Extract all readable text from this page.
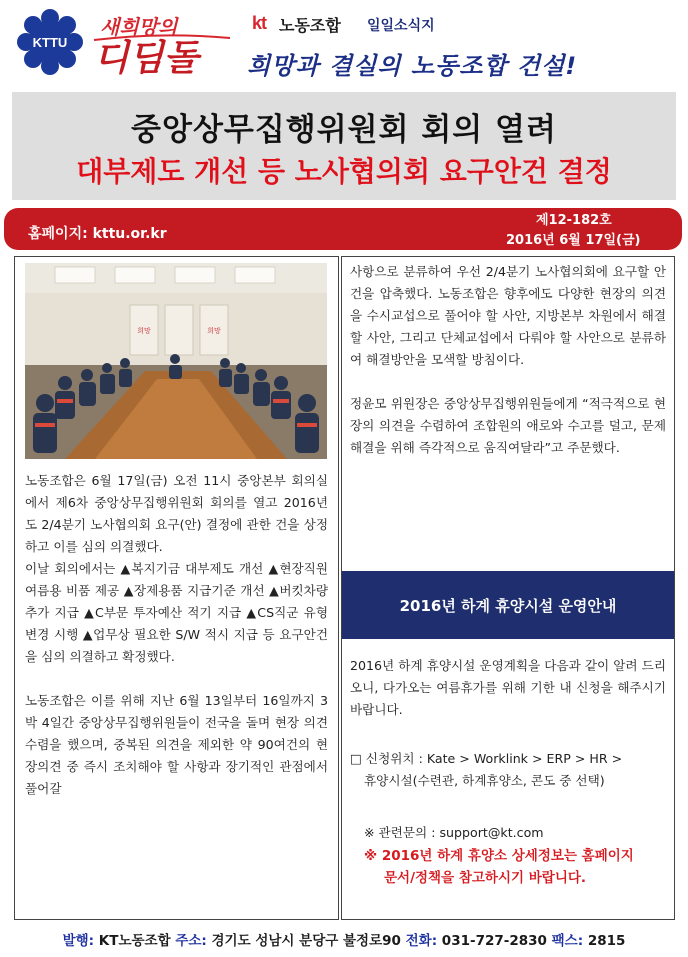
KTTU
새희망의
디딤돌
kt 노동조합 일일소식지
희망과 결실의 노동조합 건설!
중앙상무집행위원회 회의 열려
대부제도 개선 등 노사협의회 요구안건 결정
홈페이지: kttu.or.kr
제12-182호
2016년 6월 17일(금)
희망	희망

노동조합은 6월 17일(금) 오전 11시 중앙본부 회의실에서 제6차 중앙상무집행위원회 회의를 열고 2016년도 2/4분기 노사협의회 요구(안) 결정에 관한 건을 상정하고 이를 심의 의결했다.

이날 회의에서는 ▲복지기금 대부제도 개선 ▲현장직원 여름용 비품 제공 ▲장제용품 지급기준 개선 ▲버킷차량 추가 지급 ▲C부문 투자예산 적기 지급 ▲CS직군 유형변경 시행 ▲업무상 필요한 S/W 적시 지급 등 요구안건을 심의 의결하고 확정했다.

노동조합은 이를 위해 지난 6월 13일부터 16일까지 3박 4일간 중앙상무집행위원들이 전국을 돌며 현장 의견수렴을 했으며, 중복된 의견을 제외한 약 90여건의 현장의견 중 즉시 조치해야 할 사항과 장기적인 관점에서 풀어갈

사항으로 분류하여 우선 2/4분기 노사협의회에 요구할 안건을 압축했다. 노동조합은 향후에도 다양한 현장의 의견을 수시교섭으로 풀어야 할 사안, 지방본부 차원에서 해결할 사안, 그리고 단체교섭에서 다뤄야 할 사안으로 분류하여 해결방안을 모색할 방침이다.

정윤모 위원장은 중앙상무집행위원들에게 “적극적으로 현장의 의견을 수렴하여 조합원의 애로와 수고를 덜고, 문제해결을 위해 즉각적으로 움직여달라”고 주문했다.

2016년 하계 휴양시설 운영안내

2016년 하계 휴양시설 운영계획을 다음과 같이 알려 드리오니, 다가오는 여름휴가를 위해 기한 내 신청을 해주시기 바랍니다.

□ 신청위치 : Kate > Worklink > ERP > HR >
휴양시설(수련관, 하계휴양소, 콘도 중 선택)
※ 관련문의 : support@kt.com
※ 2016년 하계 휴양소 상세정보는 홈페이지
문서/정책을 참고하시기 바랍니다.
발행: KT노동조합 주소: 경기도 성남시 분당구 불정로90 전화: 031-727-2830 팩스: 2815
